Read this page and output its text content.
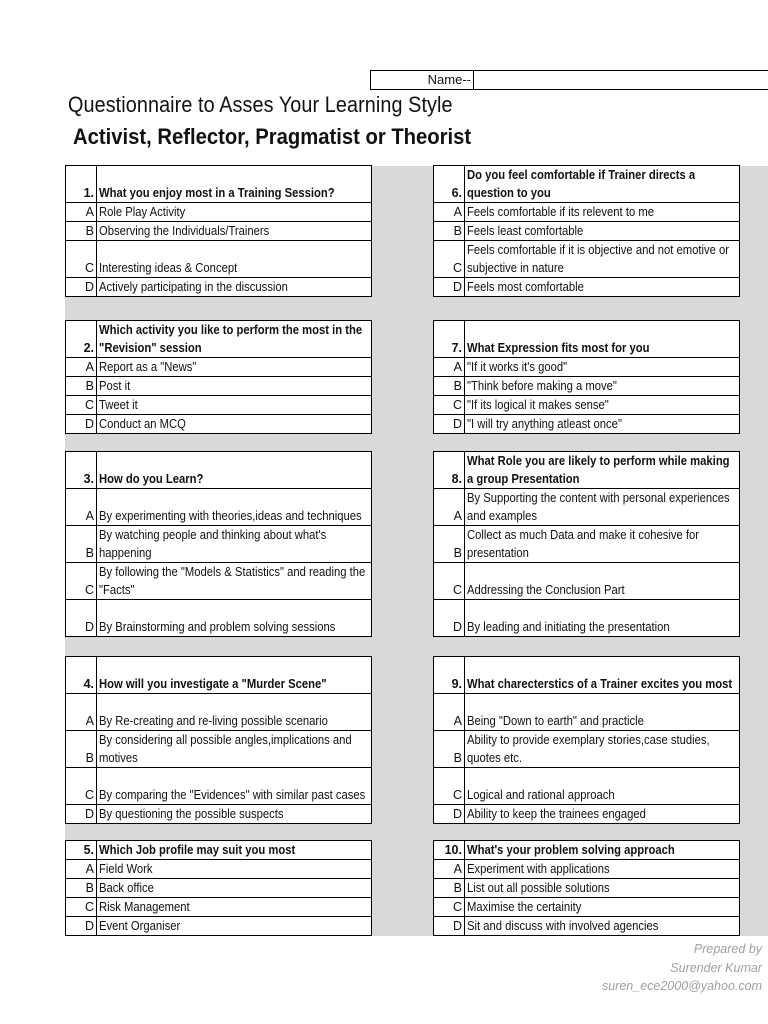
Name--
Questionnaire to Asses Your Learning Style
Activist, Reflector, Pragmatist or Theorist
1.	What you enjoy most in a Training Session?

A	Role Play Activity

B	Observing the Individuals/Trainers

C	Interesting ideas & Concept

D	Actively participating in the discussion
2.	Which activity you like to perform the most in the "Revision" session

A	Report as a "News"

B	Post it

C	Tweet it

D	Conduct an MCQ
3.	How do you Learn?

A	By experimenting with theories,ideas and techniques

B	By watching people and thinking about what's happening

C	By following the "Models & Statistics" and reading the "Facts"

D	By Brainstorming and problem solving sessions
4.	How will you investigate a "Murder Scene"

A	By Re-creating and re-living possible scenario

B	By considering all possible angles,implications and motives

C	By comparing the "Evidences" with similar past cases

D	By questioning the possible suspects
5.	Which Job profile may suit you most

A	Field Work

B	Back office

C	Risk Management

D	Event Organiser
6.	Do you feel comfortable if Trainer directs a question to you

A	Feels comfortable if its relevent to me

B	Feels least comfortable

C	Feels comfortable if it is objective and not emotive or subjective in nature

D	Feels most comfortable
7.	What Expression fits most for you

A	"If it works it's good"

B	"Think before making a move"

C	"If its logical it makes sense"

D	"I will try anything atleast once"
8.	What Role you are likely to perform while making a group Presentation

A	By Supporting the content with personal experiences and examples

B	Collect as much Data and make it cohesive for presentation

C	Addressing the Conclusion Part

D	By leading and initiating the presentation
9.	What charecterstics of a Trainer excites you most

A	Being "Down to earth" and practicle

B	Ability to provide exemplary stories,case studies, quotes etc.

C	Logical and rational approach

D	Ability to keep the trainees engaged
10.	What's your problem solving approach

A	Experiment with applications

B	List out all possible solutions

C	Maximise the certainity

D	Sit and discuss with involved agencies
Prepared by
Surender Kumar
suren_ece2000@yahoo.com
